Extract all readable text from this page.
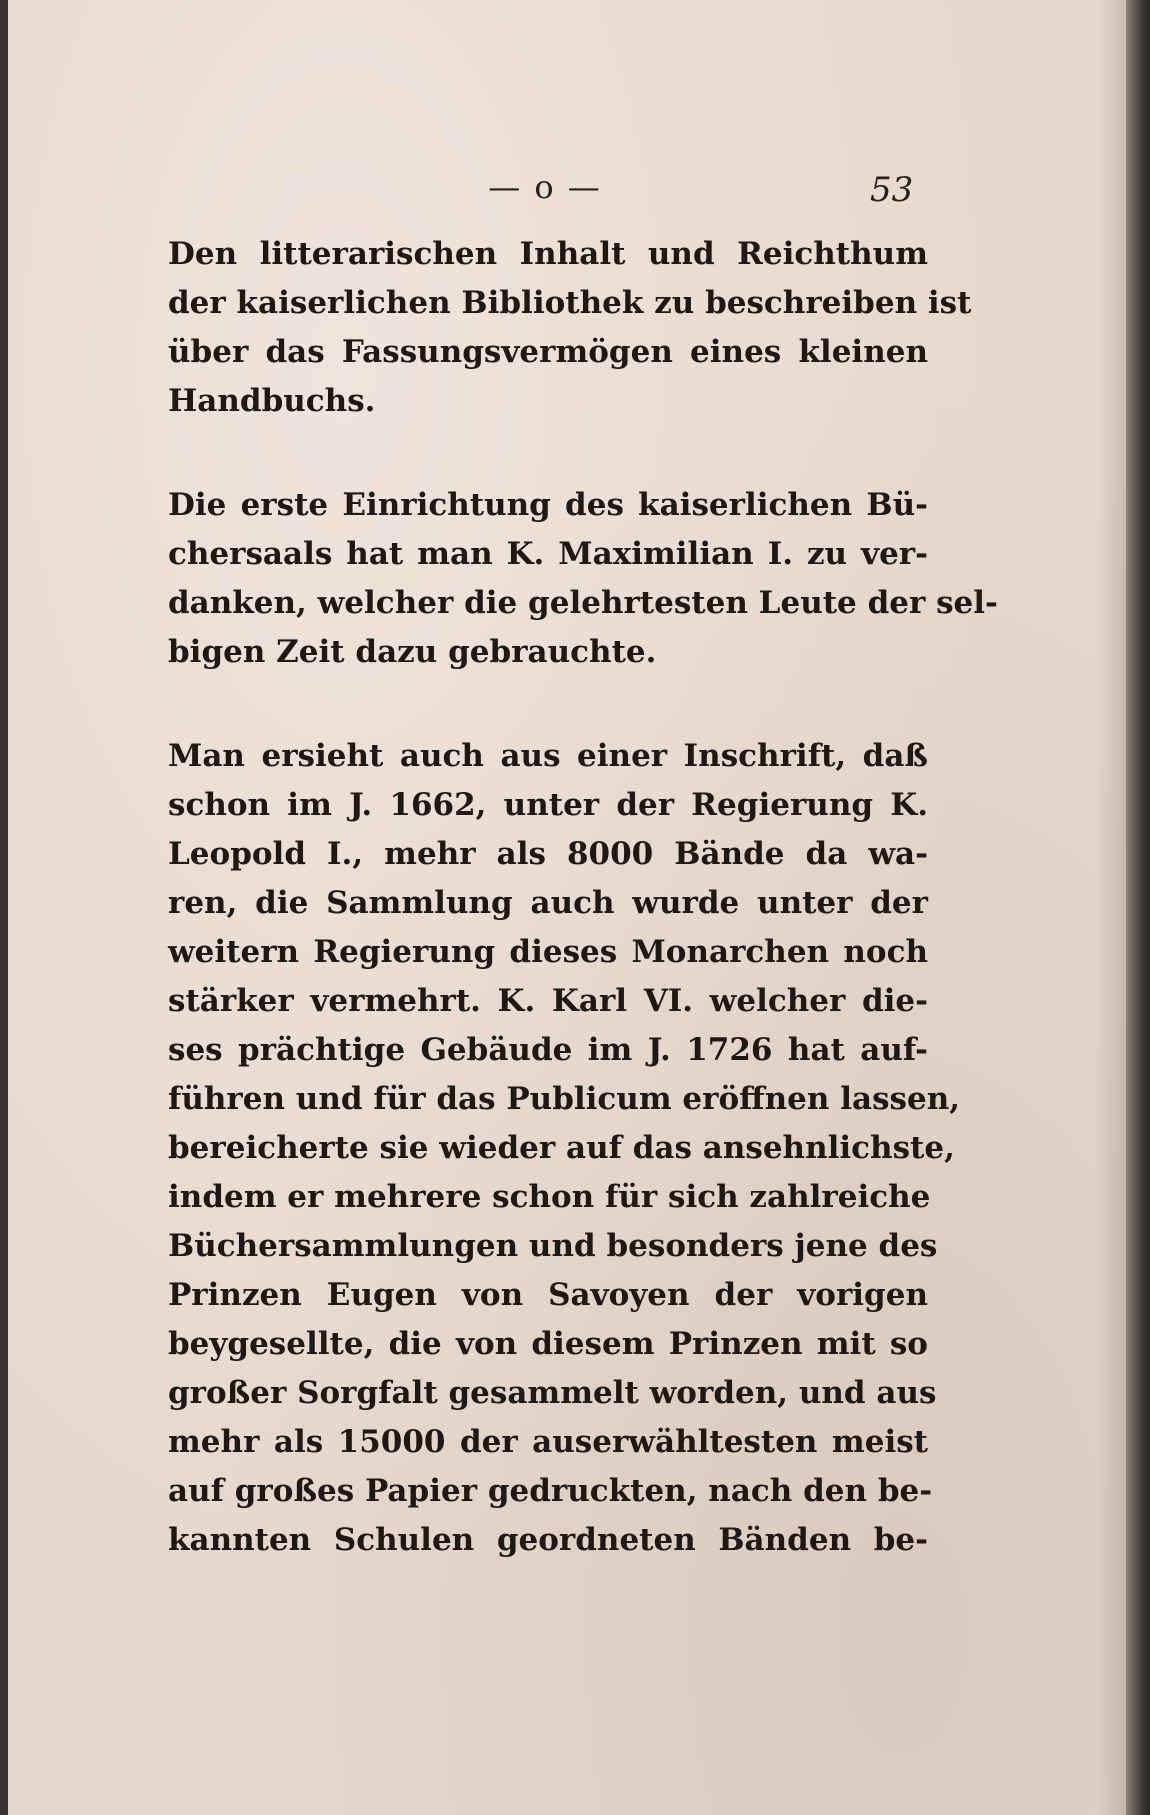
— o —	53
Den litterarischen Inhalt und Reichthum
der kaiserlichen Bibliothek zu beschreiben ist
über das Fassungsvermögen eines kleinen
Handbuchs.
Die erste Einrichtung des kaiserlichen Bü-
chersaals hat man K. Maximilian I. zu ver-
danken, welcher die gelehrtesten Leute der sel-
bigen Zeit dazu gebrauchte.
Man ersieht auch aus einer Inschrift, daß
schon im J. 1662, unter der Regierung K.
Leopold I., mehr als 8000 Bände da wa-
ren, die Sammlung auch wurde unter der
weitern Regierung dieses Monarchen noch
stärker vermehrt. K. Karl VI. welcher die-
ses prächtige Gebäude im J. 1726 hat auf-
führen und für das Publicum eröffnen lassen,
bereicherte sie wieder auf das ansehnlichste,
indem er mehrere schon für sich zahlreiche
Büchersammlungen und besonders jene des
Prinzen Eugen von Savoyen der vorigen
beygesellte, die von diesem Prinzen mit so
großer Sorgfalt gesammelt worden, und aus
mehr als 15000 der auserwähltesten meist
auf großes Papier gedruckten, nach den be-
kannten Schulen geordneten Bänden be-
